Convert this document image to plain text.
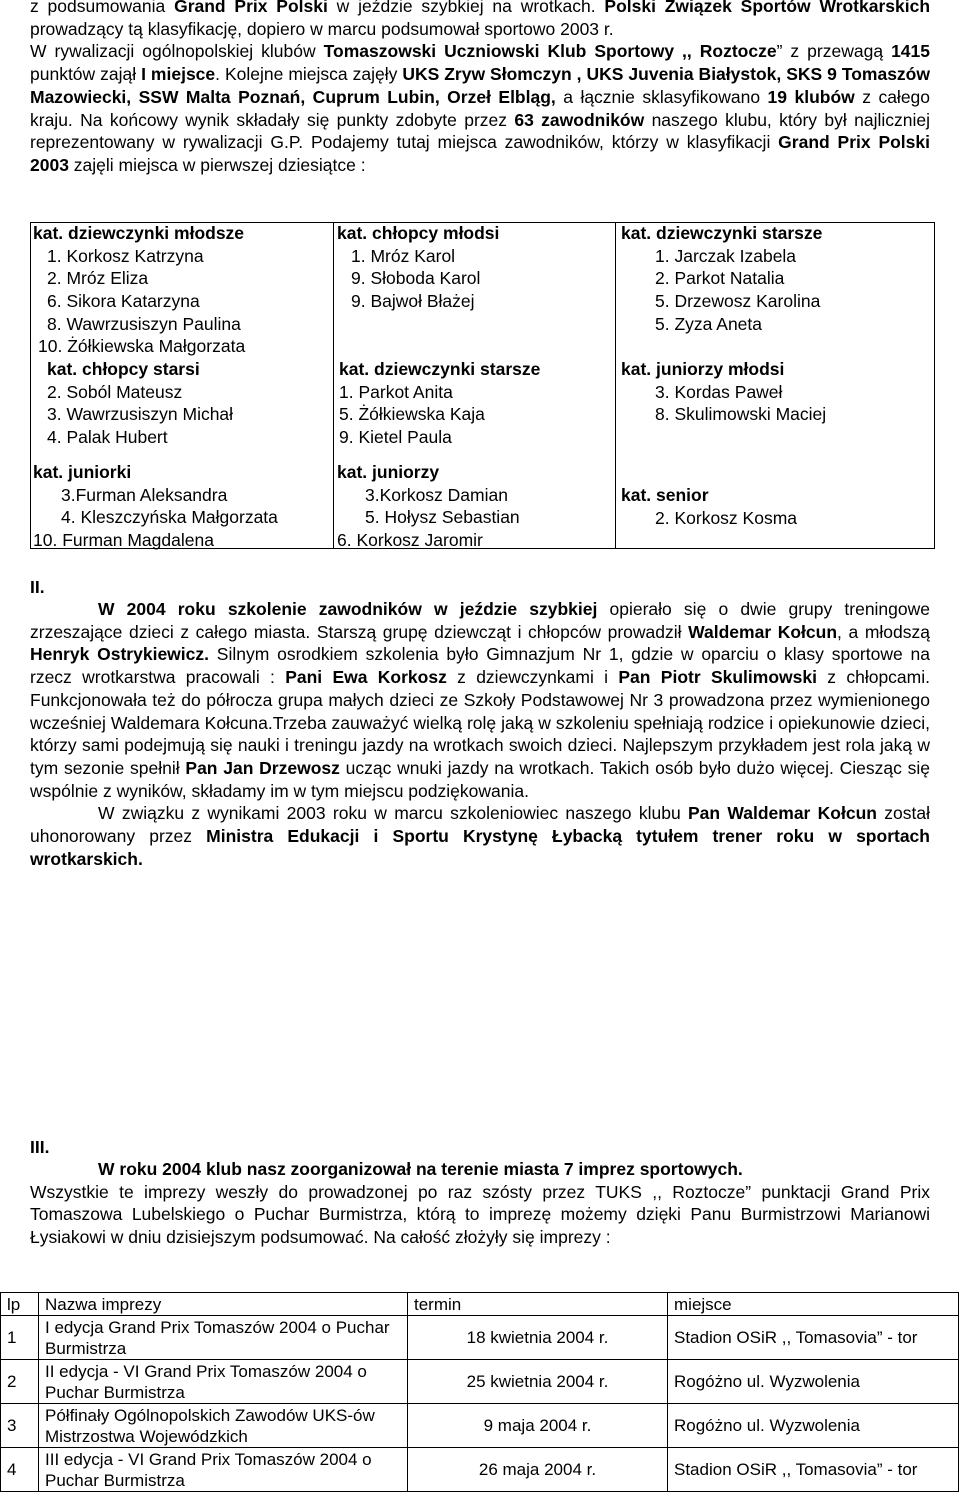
z podsumowania Grand Prix Polski w jeździe szybkiej na wrotkach. Polski Związek Sportów Wrotkarskich prowadzący tą klasyfikację, dopiero w marcu podsumował sportowo 2003 r.

W rywalizacji ogólnopolskiej klubów Tomaszowski Uczniowski Klub Sportowy ,, Roztocze” z przewagą 1415 punktów zajął I miejsce. Kolejne miejsca zajęły UKS Zryw Słomczyn , UKS Juvenia Białystok, SKS 9 Tomaszów Mazowiecki, SSW Malta Poznań, Cuprum Lubin, Orzeł Elbląg, a łącznie sklasyfikowano 19 klubów z całego kraju. Na końcowy wynik składały się punkty zdobyte przez 63 zawodników naszego klubu, który był najliczniej reprezentowany w rywalizacji G.P. Podajemy tutaj miejsca zawodników, którzy w klasyfikacji Grand Prix Polski 2003 zajęli miejsca w pierwszej dziesiątce :

kat. dziewczynki młodsze
1. Korkosz Katrzyna
2. Mróz Eliza
6. Sikora Katarzyna
8. Wawrzusiszyn Paulina
10. Żółkiewska Małgorzata
kat. chłopcy starsi
2. Soból Mateusz
3. Wawrzusiszyn Michał
4. Palak Hubert
kat. juniorki
3.Furman Aleksandra
4. Kleszczyńska Małgorzata
10. Furman Magdalena
kat. chłopcy młodsi
1. Mróz Karol
9. Słoboda Karol
9. Bajwoł Błażej
kat. dziewczynki starsze
1. Parkot Anita
5. Żółkiewska Kaja
9. Kietel Paula
kat. juniorzy
3.Korkosz Damian
5. Hołysz Sebastian
6. Korkosz Jaromir
kat. dziewczynki starsze
1. Jarczak Izabela
2. Parkot Natalia
5. Drzewosz Karolina
5. Zyza Aneta
kat. juniorzy młodsi
3. Kordas Paweł
8. Skulimowski Maciej
kat. senior
2. Korkosz Kosma
II.

W 2004 roku szkolenie zawodników w jeździe szybkiej opierało się o dwie grupy treningowe zrzeszające dzieci z całego miasta. Starszą grupę dziewcząt i chłopców prowadził Waldemar Kołcun, a młodszą Henryk Ostrykiewicz. Silnym osrodkiem szkolenia było Gimnazjum Nr 1, gdzie w oparciu o klasy sportowe na rzecz wrotkarstwa pracowali : Pani Ewa Korkosz z dziewczynkami i Pan Piotr Skulimowski z chłopcami. Funkcjonowała też do półrocza grupa małych dzieci ze Szkoły Podstawowej Nr 3 prowadzona przez wymienionego wcześniej Waldemara Kołcuna.Trzeba zauważyć wielką rolę jaką w szkoleniu spełniają rodzice i opiekunowie dzieci, którzy sami podejmują się nauki i treningu jazdy na wrotkach swoich dzieci. Najlepszym przykładem jest rola jaką w tym sezonie spełnił Pan Jan Drzewosz ucząc wnuki jazdy na wrotkach. Takich osób było dużo więcej. Ciesząc się wspólnie z wyników, składamy im w tym miejscu podziękowania.

W związku z wynikami 2003 roku w marcu szkoleniowiec naszego klubu Pan Waldemar Kołcun został uhonorowany przez Ministra Edukacji i Sportu Krystynę Łybacką tytułem trener roku w sportach wrotkarskich.

III.

W roku 2004 klub nasz zoorganizował na terenie miasta 7 imprez sportowych.

Wszystkie te imprezy weszły do prowadzonej po raz szósty przez TUKS ,, Roztocze” punktacji Grand Prix Tomaszowa Lubelskiego o Puchar Burmistrza, którą to imprezę możemy dzięki Panu Burmistrzowi Marianowi Łysiakowi w dniu dzisiejszym podsumować. Na całość złożyły się imprezy :

lp	Nazwa imprezy	termin	miejsce
1	I edycja Grand Prix Tomaszów 2004 o Puchar Burmistrza	18 kwietnia 2004 r.	Stadion OSiR ,, Tomasovia” - tor
2	II edycja - VI Grand Prix Tomaszów 2004 o Puchar Burmistrza	25 kwietnia 2004 r.	Rogóżno ul. Wyzwolenia
3	Półfinały Ogólnopolskich Zawodów UKS-ów Mistrzostwa Wojewódzkich	9 maja 2004 r.	Rogóżno ul. Wyzwolenia
4	III edycja - VI Grand Prix Tomaszów 2004 o Puchar Burmistrza	26 maja 2004 r.	Stadion OSiR ,, Tomasovia” - tor
